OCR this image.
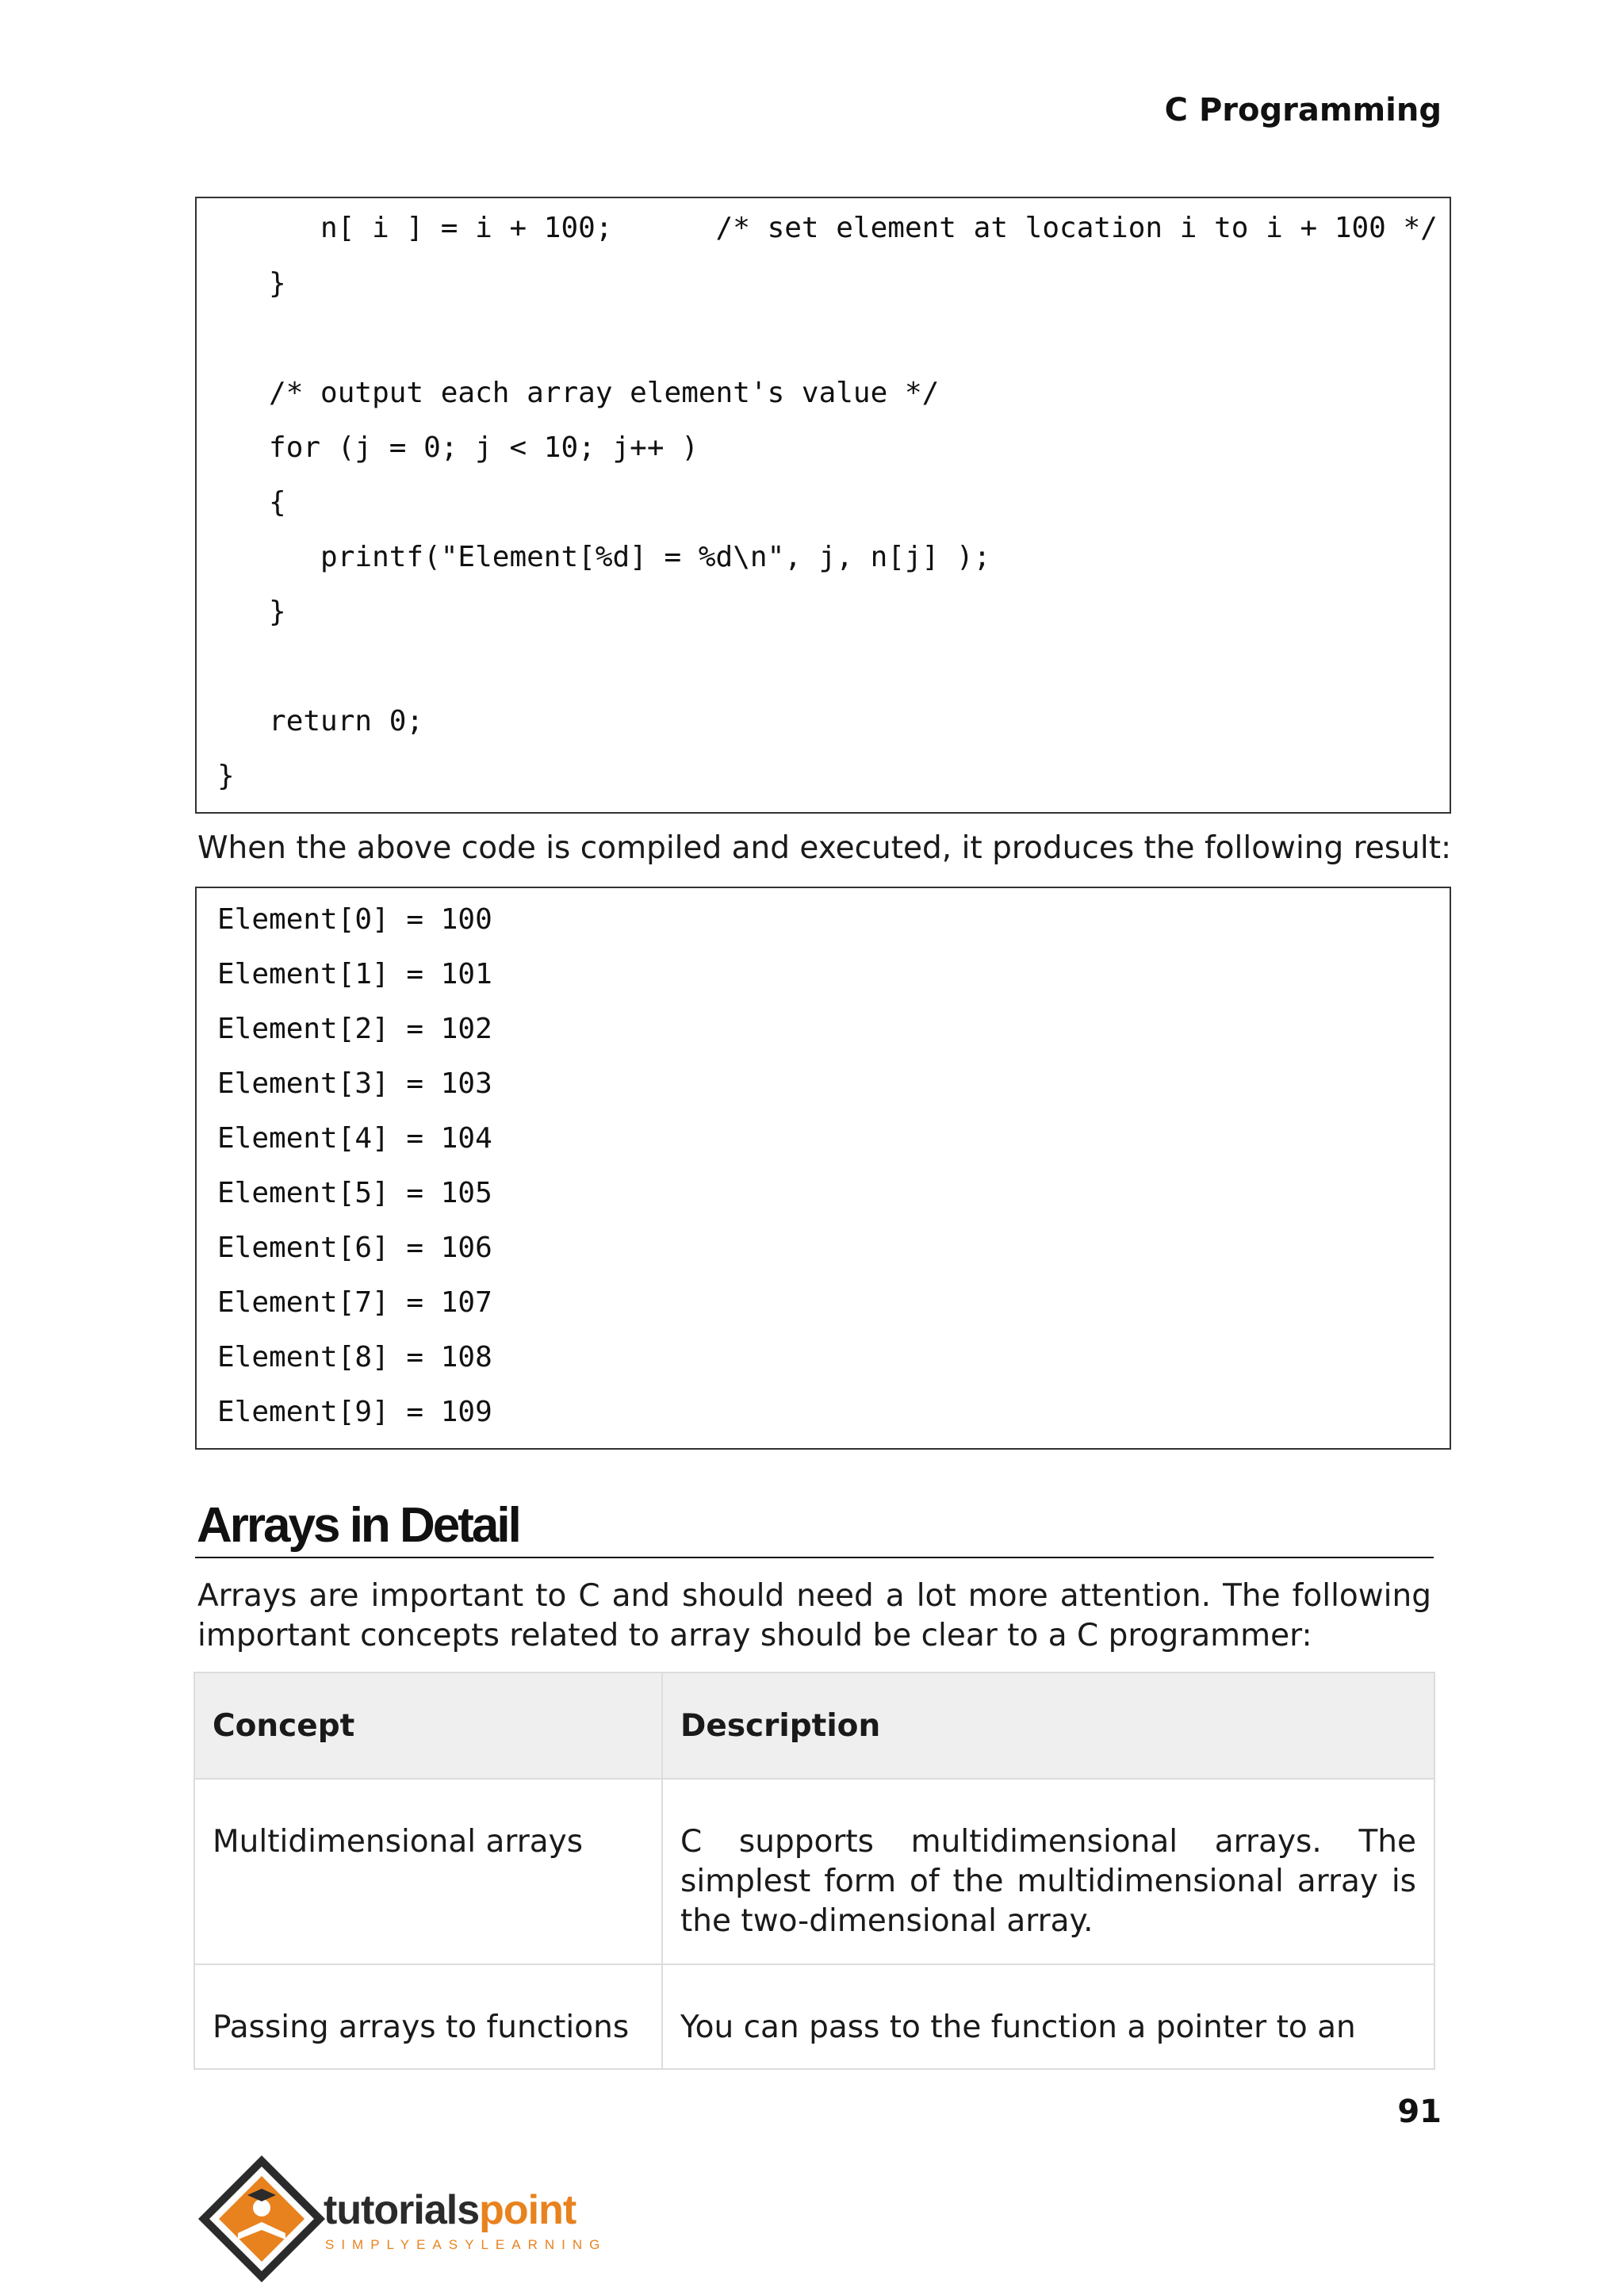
C Programming
n[ i ] = i + 100;      /* set element at location i to i + 100 */
}
/* output each array element's value */
for (j = 0; j < 10; j++ )
{
printf("Element[%d] = %d\n", j, n[j] );
}
return 0;
}
When the above code is compiled and executed, it produces the following result:
Element[0] = 100
Element[1] = 101
Element[2] = 102
Element[3] = 103
Element[4] = 104
Element[5] = 105
Element[6] = 106
Element[7] = 107
Element[8] = 108
Element[9] = 109
Arrays in Detail
Arrays are important to C and should need a lot more attention. The following important concepts related to array should be clear to a C programmer:
Concept	Description
Multidimensional arrays	C supports multidimensional arrays. The simplest form of the multidimensional array is the two-dimensional array.
Passing arrays to functions	You can pass to the function a pointer to an
91
tutorialspoint
SIMPLYEASYLEARNING
